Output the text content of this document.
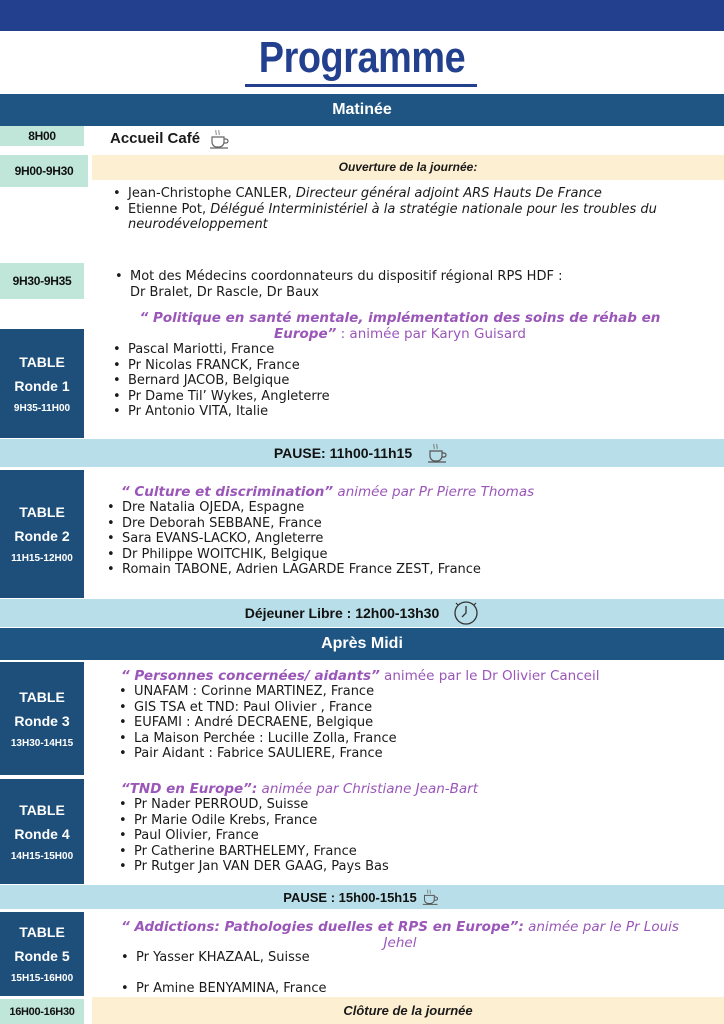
Programme
Matinée
8H00	Accueil Café
9H00-9H30	Ouverture de la journée:
• Jean-Christophe CANLER, Directeur général adjoint ARS Hauts De France
• Etienne Pot, Délégué Interministériel à la stratégie nationale pour les troubles du neurodéveloppement
9H30-9H35
•	Mot des Médecins coordonnateurs du dispositif régional RPS HDF :
Dr Bralet, Dr Rascle, Dr Baux
TABLE
Ronde 1
9H35-11H00
“ Politique en santé mentale, implémentation des soins de réhab en Europe” : animée par Karyn Guisard
• Pascal Mariotti, France
• Pr Nicolas FRANCK, France
• Bernard JACOB, Belgique
• Pr Dame Til’ Wykes, Angleterre
• Pr Antonio VITA, Italie
PAUSE: 11h00-11h15
TABLE
Ronde 2
11H15-12H00
“ Culture et discrimination” animée par Pr Pierre Thomas
• Dre Natalia OJEDA, Espagne
• Dre Deborah SEBBANE, France
• Sara EVANS-LACKO, Angleterre
• Dr Philippe WOITCHIK, Belgique
• Romain TABONE, Adrien LAGARDE France ZEST, France
Déjeuner Libre : 12h00-13h30
Après Midi
TABLE
Ronde 3
13H30-14H15
“ Personnes concernées/ aidants” animée par le Dr Olivier Canceil
• UNAFAM : Corinne MARTINEZ, France
• GIS TSA et TND: Paul Olivier , France
• EUFAMI : André DECRAENE, Belgique
• La Maison Perchée : Lucille Zolla, France
• Pair Aidant : Fabrice SAULIERE, France
TABLE
Ronde 4
14H15-15H00
“TND en Europe”: animée par Christiane Jean-Bart
• Pr Nader PERROUD, Suisse
• Pr Marie Odile Krebs, France
• Paul Olivier, France
• Pr Catherine BARTHELEMY, France
• Pr Rutger Jan VAN DER GAAG, Pays Bas
PAUSE : 15h00-15h15
TABLE
Ronde 5
15H15-16H00
“ Addictions: Pathologies duelles et RPS en Europe”: animée par le Pr Louis Jehel
• Pr Yasser KHAZAAL, Suisse
• Pr Amine BENYAMINA, France
16H00-16H30	Clôture de la journée
